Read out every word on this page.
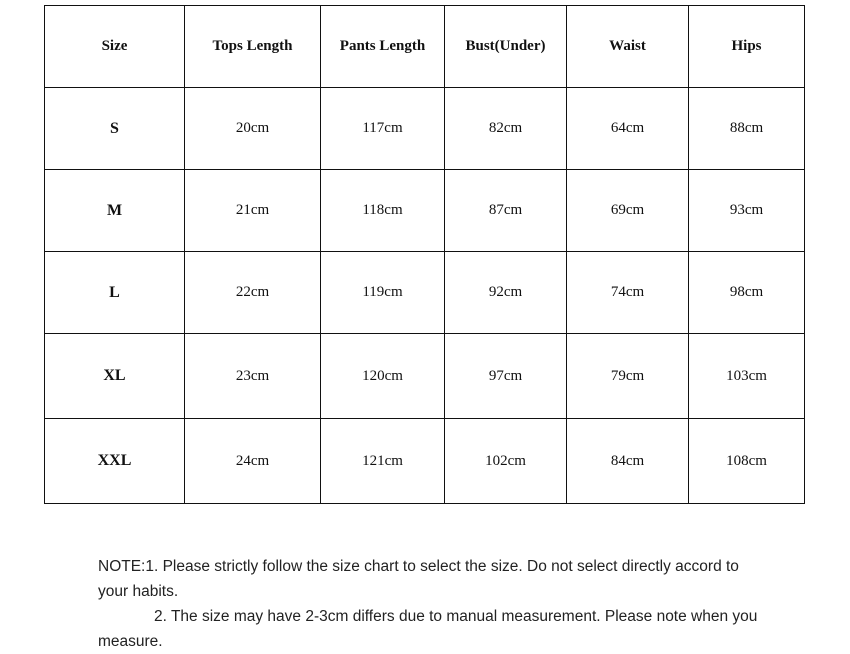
Size	Tops Length	Pants Length	Bust(Under)	Waist	Hips
S	20cm	117cm	82cm	64cm	88cm
M	21cm	118cm	87cm	69cm	93cm
L	22cm	119cm	92cm	74cm	98cm
XL	23cm	120cm	97cm	79cm	103cm
XXL	24cm	121cm	102cm	84cm	108cm

NOTE:1. Please strictly follow the size chart to select the size. Do not select directly accord to your habits.

2. The size may have 2-3cm differs due to manual measurement. Please note when you measure.
